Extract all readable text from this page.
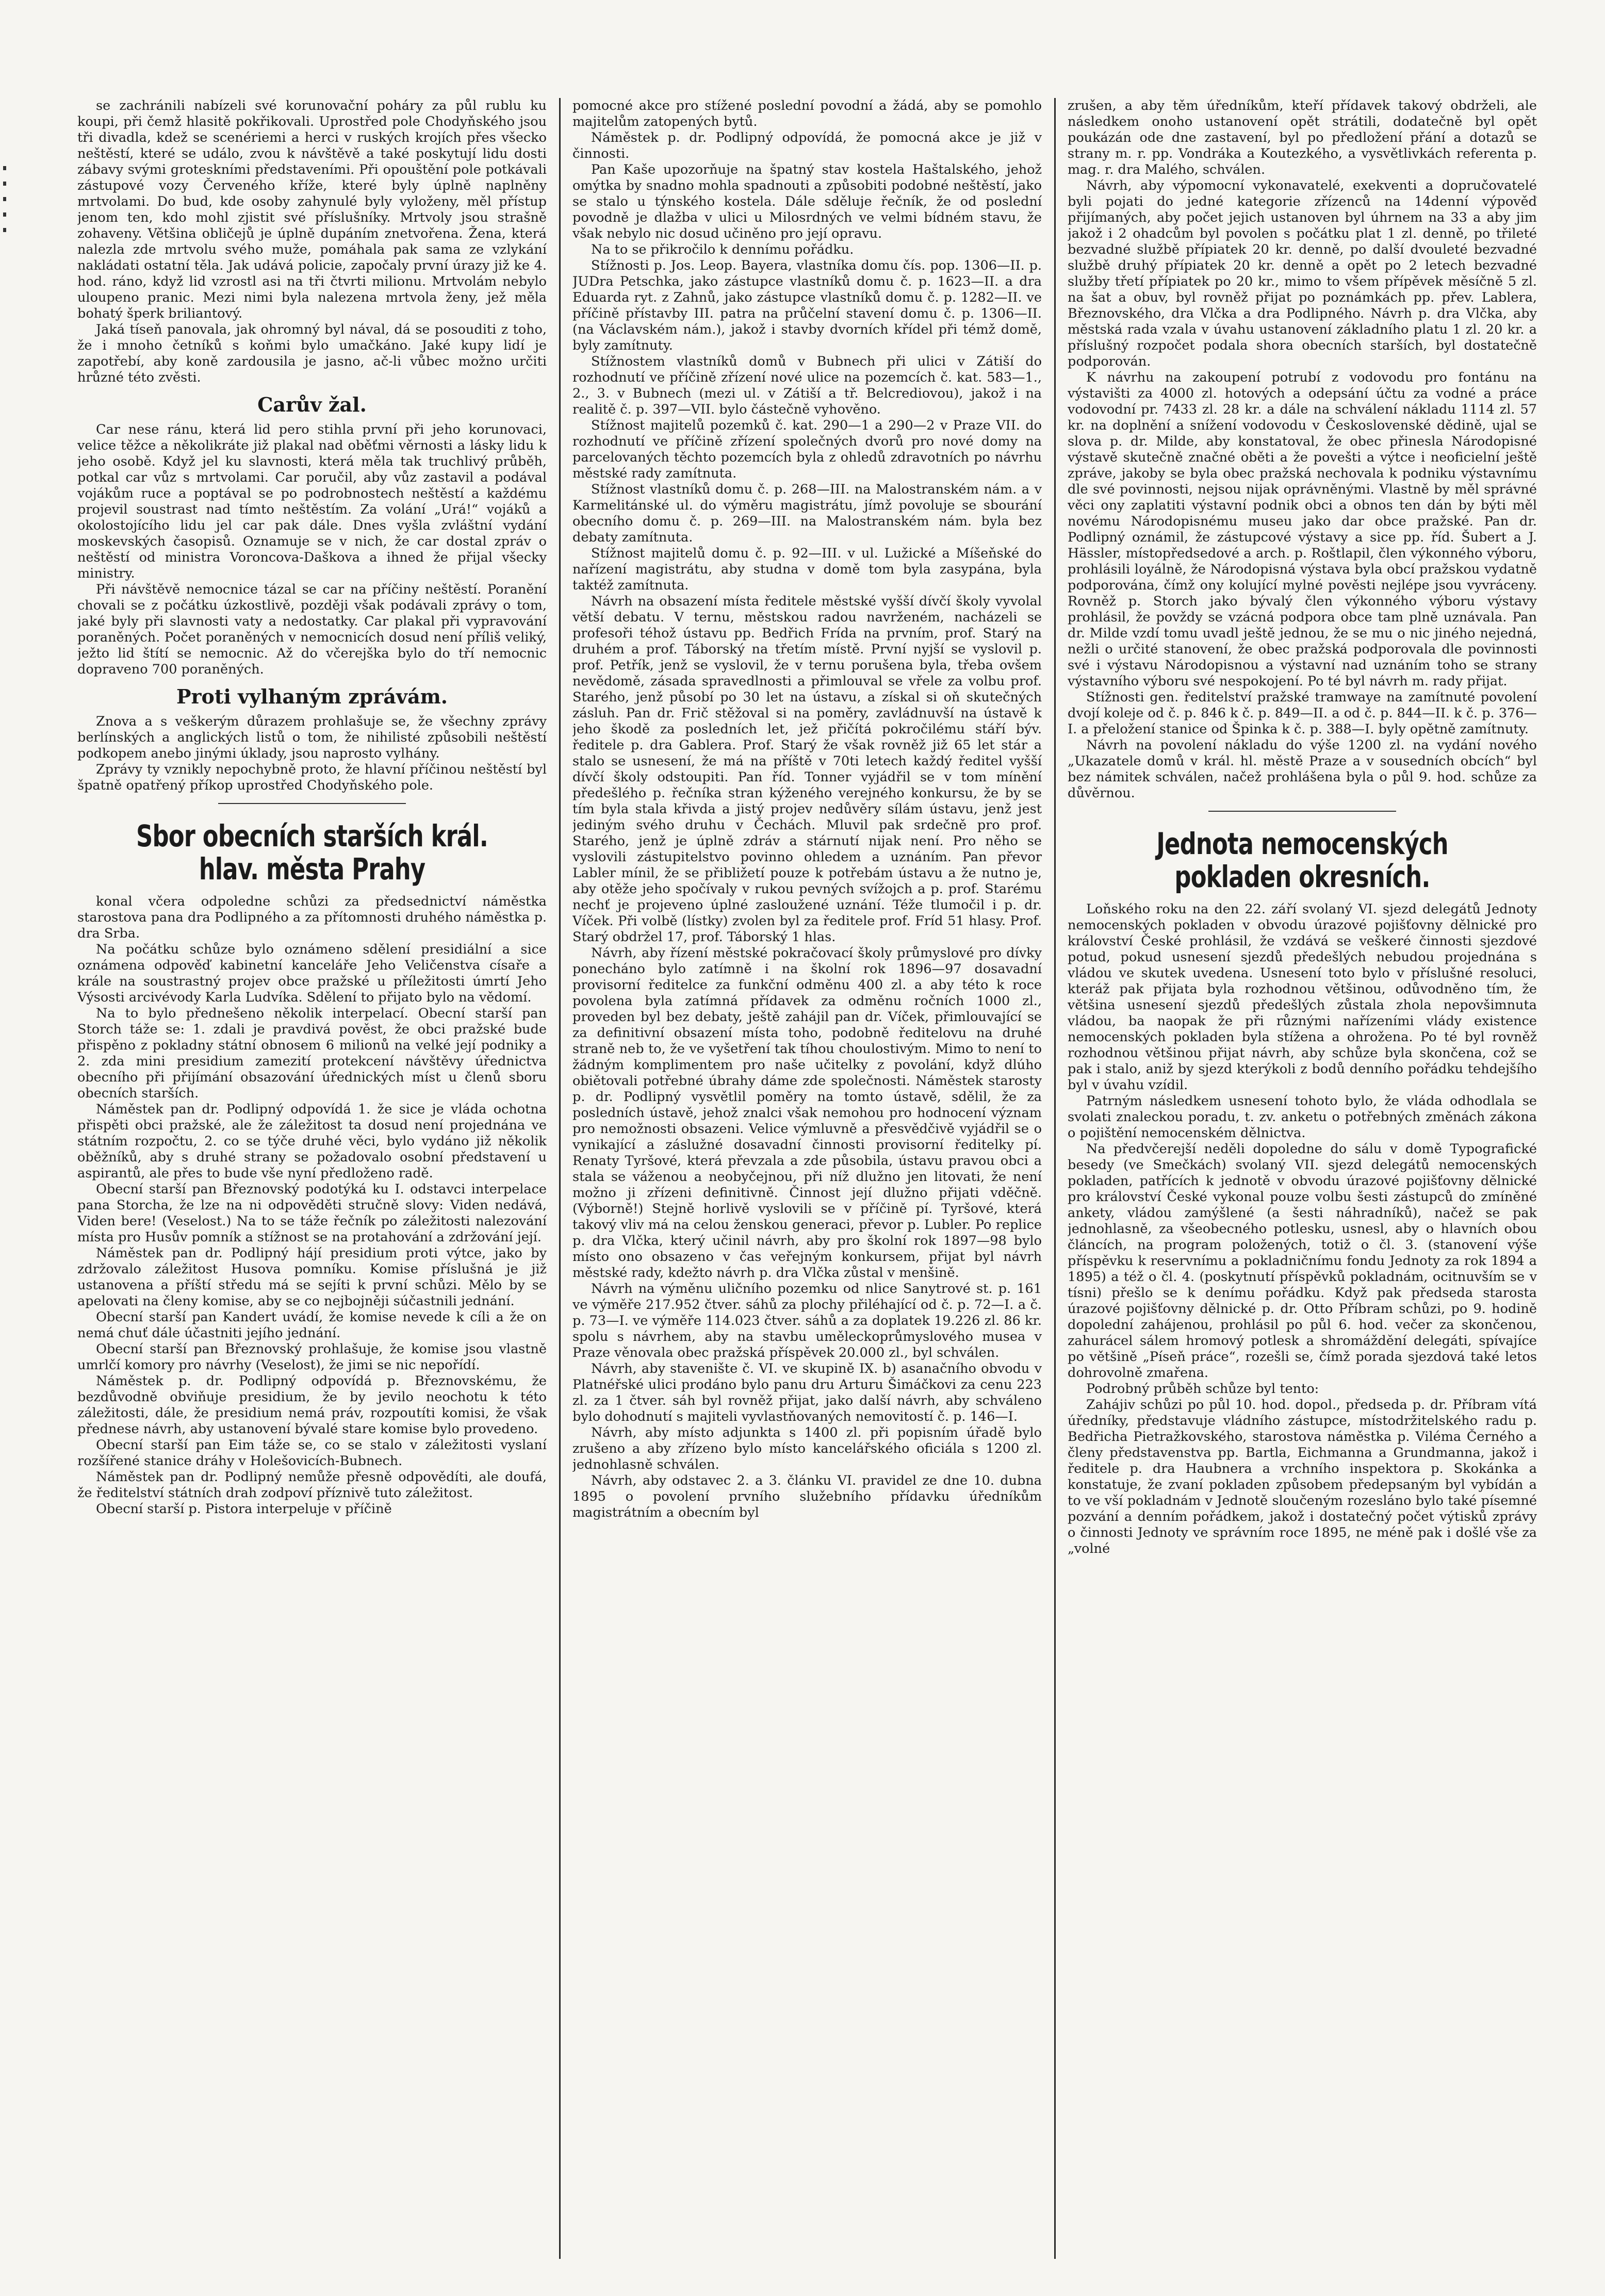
se zachránili nabízeli své korunovační poháry za půl rublu ku koupi, při čemž hlasitě pokřikovali. Uprostřed pole Chodyňského jsou tři divadla, kdež se scenériemi a herci v ruských krojích přes všecko neštěstí, které se událo, zvou k návštěvě a také poskytují lidu dosti zábavy svými groteskními představeními. Při opouštění pole potkávali zástupové vozy Červeného kříže, které byly úplně naplněny mrtvolami. Do bud, kde osoby zahynulé byly vyloženy, měl přístup jenom ten, kdo mohl zjistit své příslušníky. Mrtvoly jsou strašně zohaveny. Většina obličejů je úplně dupáním znetvořena. Žena, která nalezla zde mrtvolu svého muže, pomáhala pak sama ze vzlykání nakládati ostatní těla. Jak udává policie, započaly první úrazy již ke 4. hod. ráno, když lid vzrostl asi na tři čtvrti milionu. Mrtvolám nebylo uloupeno pranic. Mezi nimi byla nalezena mrtvola ženy, jež měla bohatý šperk briliantový.

Jaká tíseň panovala, jak ohromný byl nával, dá se posouditi z toho, že i mnoho četníků s koňmi bylo umačkáno. Jaké kupy lidí je zapotřebí, aby koně zardousila je jasno, ač-li vůbec možno určiti hrůzné této zvěsti.

Carův žal.

Car nese ránu, která lid pero stihla první při jeho korunovaci, velice těžce a několikráte již plakal nad oběťmi věrnosti a lásky lidu k jeho osobě. Když jel ku slavnosti, která měla tak truchlivý průběh, potkal car vůz s mrtvolami. Car poručil, aby vůz zastavil a podával vojákům ruce a poptával se po podrobnostech neštěstí a každému projevil soustrast nad tímto neštěstím. Za volání „Urá!“ vojáků a okolostojícího lidu jel car pak dále. Dnes vyšla zvláštní vydání moskevských časopisů. Oznamuje se v nich, že car dostal zpráv o neštěstí od ministra Voroncova-Daškova a ihned že přijal všecky ministry.

Při návštěvě nemocnice tázal se car na příčiny neštěstí. Poranění chovali se z počátku úzkostlivě, později však podávali zprávy o tom, jaké byly při slavnosti vaty a nedostatky. Car plakal při vypravování poraněných. Počet poraněných v nemocnicích dosud není příliš veliký, ježto lid štítí se nemocnic. Až do včerejška bylo do tří nemocnic dopraveno 700 poraněných.

Proti vylhaným zprávám.

Znova a s veškerým důrazem prohlašuje se, že všechny zprávy berlínských a anglických listů o tom, že nihilisté způsobili neštěstí podkopem anebo jinými úklady, jsou naprosto vylhány.

Zprávy ty vznikly nepochybně proto, že hlavní příčinou neštěstí byl špatně opatřený příkop uprostřed Chodyňského pole.

Sbor obecních starších král. hlav. města Prahy

konal včera odpoledne schůzi za předsednictví náměstka starostova pana dra Podlipného a za přítomnosti druhého náměstka p. dra Srba.

Na počátku schůze bylo oznámeno sdělení presidiální a sice oznámena odpověď kabinetní kanceláře Jeho Veličenstva císaře a krále na soustrastný projev obce pražské u příležitosti úmrtí Jeho Výsosti arcivévody Karla Ludvíka. Sdělení to přijato bylo na vědomí.

Na to bylo přednešeno několik interpelací. Obecní starší pan Storch táže se: 1. zdali je pravdivá pověst, že obci pražské bude přispěno z pokladny státní obnosem 6 milionů na velké její podniky a 2. zda mini presidium zamezití protekcení návštěvy úřednictva obecního při přijímání obsazování úřednických míst u členů sboru obecních starších.

Náměstek pan dr. Podlipný odpovídá 1. že sice je vláda ochotna přispěti obci pražské, ale že záležitost ta dosud není projednána ve státním rozpočtu, 2. co se týče druhé věci, bylo vydáno již několik oběžníků, aby s druhé strany se požadovalo osobní představení u aspirantů, ale přes to bude vše nyní předloženo radě.

Obecní starší pan Březnovský podotýká ku I. odstavci interpelace pana Storcha, že lze na ni odpověděti stručně slovy: Viden nedává, Viden bere! (Veselost.) Na to se táže řečník po záležitosti nalezování místa pro Husův pomník a stížnost se na protahování a zdržování její.

Náměstek pan dr. Podlipný hájí presidium proti výtce, jako by zdržovalo záležitost Husova pomníku. Komise příslušná je již ustanovena a příští středu má se sejíti k první schůzi. Mělo by se apelovati na členy komise, aby se co nejbojněji súčastnili jednání.

Obecní starší pan Kandert uvádí, že komise nevede k cíli a že on nemá chuť dále účastniti jejího jednání.

Obecní starší pan Březnovský prohlašuje, že komise jsou vlastně umrlčí komory pro návrhy (Veselost), že jimi se nic nepořídí.

Náměstek p. dr. Podlipný odpovídá p. Březnovskému, že bezdůvodně obviňuje presidium, že by jevilo neochotu k této záležitosti, dále, že presidium nemá práv, rozpoutíti komisi, že však přednese návrh, aby ustanovení bývalé stare komise bylo provedeno.

Obecní starší pan Eim táže se, co se stalo v záležitosti vyslaní rozšířené stanice dráhy v Holešovicích-Bubnech.

Náměstek pan dr. Podlipný nemůže přesně odpovědíti, ale doufá, že ředitelství státních drah zodpoví příznivě tuto záležitost.

Obecní starší p. Pistora interpeluje v příčině

pomocné akce pro stížené poslední povodní a žádá, aby se pomohlo majitelům zatopených bytů.

Náměstek p. dr. Podlipný odpovídá, že pomocná akce je již v činnosti.

Pan Kaše upozorňuje na špatný stav kostela Haštalského, jehož omýtka by snadno mohla spadnouti a způsobiti podobné neštěstí, jako se stalo u týnského kostela. Dále sděluje řečník, že od poslední povodně je dlažba v ulici u Milosrdných ve velmi bídném stavu, že však nebylo nic dosud učiněno pro její opravu.

Na to se přikročilo k dennímu pořádku.

Stížnosti p. Jos. Leop. Bayera, vlastníka domu čís. pop. 1306—II. p. JUDra Petschka, jako zástupce vlastníků domu č. p. 1623—II. a dra Eduarda ryt. z Zahnů, jako zástupce vlastníků domu č. p. 1282—II. ve příčině přístavby III. patra na průčelní stavení domu č. p. 1306—II. (na Václavském nám.), jakož i stavby dvorních křídel při témž domě, byly zamítnuty.

Stížnostem vlastníků domů v Bubnech při ulici v Zátiší do rozhodnutí ve příčině zřízení nové ulice na pozemcích č. kat. 583—1., 2., 3. v Bubnech (mezi ul. v Zátiší a tř. Belcrediovou), jakož i na realitě č. p. 397—VII. bylo částečně vyhověno.

Stížnost majitelů pozemků č. kat. 290—1 a 290—2 v Praze VII. do rozhodnutí ve příčině zřízení společných dvorů pro nové domy na parcelovaných těchto pozemcích byla z ohledů zdravotních po návrhu městské rady zamítnuta.

Stížnost vlastníků domu č. p. 268—III. na Malostranském nám. a v Karmelitánské ul. do výměru magistrátu, jímž povoluje se sbourání obecního domu č. p. 269—III. na Malostranském nám. byla bez debaty zamítnuta.

Stížnost majitelů domu č. p. 92—III. v ul. Lužické a Míšeňské do nařízení magistrátu, aby studna v domě tom byla zasypána, byla taktéž zamítnuta.

Návrh na obsazení místa ředitele městské vyšší dívčí školy vyvolal větší debatu. V ternu, městskou radou navrženém, nacházeli se profesoři téhož ústavu pp. Bedřich Frída na prvním, prof. Starý na druhém a prof. Táborský na třetím místě. První nyjší se vyslovil p. prof. Petřík, jenž se vyslovil, že v ternu porušena byla, třeba ovšem nevědomě, zásada spravedlnosti a přimlouval se vřele za volbu prof. Starého, jenž působí po 30 let na ústavu, a získal si oň skutečných zásluh. Pan dr. Frič stěžoval si na poměry, zavládnuvší na ústavě k jeho škodě za posledních let, jež přičítá pokročilému stáří býv. ředitele p. dra Gablera. Prof. Starý že však rovněž již 65 let stár a stalo se usnesení, že má na příště v 70ti letech každý ředitel vyšší dívčí školy odstoupiti. Pan říd. Tonner vyjádřil se v tom mínění předešlého p. řečníka stran kýženého verejného konkursu, že by se tím byla stala křivda a jistý projev nedůvěry sílám ústavu, jenž jest jediným svého druhu v Čechách. Mluvil pak srdečně pro prof. Starého, jenž je úplně zdráv a stárnutí nijak není. Pro něho se vyslovili zástupitelstvo povinno ohledem a uznáním. Pan převor Labler mínil, že se přibližetí pouze k potřebám ústavu a že nutno je, aby otěže jeho spočívaly v rukou pevných svížojch a p. prof. Starému nechť je projeveno úplné zasloužené uznání. Téže tlumočil i p. dr. Víček. Při volbě (lístky) zvolen byl za ředitele prof. Fríd 51 hlasy. Prof. Starý obdržel 17, prof. Táborský 1 hlas.

Návrh, aby řízení městské pokračovací školy průmyslové pro dívky ponecháno bylo zatímně i na školní rok 1896—97 dosavadní provisorní ředitelce za funkční odměnu 400 zl. a aby této k roce povolena byla zatímná přídavek za odměnu ročních 1000 zl., proveden byl bez debaty, ještě zahájil pan dr. Víček, přimlouvající se za definitivní obsazení místa toho, podobně ředitelovu na druhé straně neb to, že ve vyšetření tak tíhou choulostivým. Mimo to není to žádným komplimentem pro naše učitelky z povolání, když dlúho obiětovali potřebné úbrahy dáme zde společnosti. Náměstek starosty p. dr. Podlipný vysvětlil poměry na tomto ústavě, sdělil, že za posledních ústavě, jehož znalci však nemohou pro hodnocení význam pro nemožnosti obsazeni. Velice výmluvně a přesvědčivě vyjádřil se o vynikající a záslužné dosavadní činnosti provisorní ředitelky pí. Renaty Tyršové, která převzala a zde působila, ústavu pravou obci a stala se váženou a neobyčejnou, při níž dlužno jen litovati, že není možno ji zřízeni definitivně. Činnost její dlužno přijati vděčně. (Výborně!) Stejně horlivě vyslovili se v příčině pí. Tyršové, která takový vliv má na celou ženskou generaci, převor p. Lubler. Po replice p. dra Vlčka, který učinil návrh, aby pro školní rok 1897—98 bylo místo ono obsazeno v čas veřejným konkursem, přijat byl návrh městské rady, kdežto návrh p. dra Vlčka zůstal v menšině.

Návrh na výměnu uličního pozemku od nlice Sanytrové st. p. 161 ve výměře 217.952 čtver. sáhů za plochy přiléhající od č. p. 72—I. a č. p. 73—I. ve výměře 114.023 čtver. sáhů a za doplatek 19.226 zl. 86 kr. spolu s návrhem, aby na stavbu uměleckoprůmyslového musea v Praze věnovala obec pražská příspěvek 20.000 zl., byl schválen.

Návrh, aby stavenište č. VI. ve skupině IX. b) asanačního obvodu v Platnéřské ulici prodáno bylo panu dru Arturu Šimáčkovi za cenu 223 zl. za 1 čtver. sáh byl rovněž přijat, jako další návrh, aby schváleno bylo dohodnutí s majiteli vyvlastňovaných nemovitostí č. p. 146—I.

Návrh, aby místo adjunkta s 1400 zl. při popisním úřadě bylo zrušeno a aby zřízeno bylo místo kancelářského oficiála s 1200 zl. jednohlasně schválen.

Návrh, aby odstavec 2. a 3. článku VI. pravidel ze dne 10. dubna 1895 o povolení prvního služebního přídavku úředníkům magistrátním a obecním byl

zrušen, a aby těm úředníkům, kteří přídavek takový obdrželi, ale následkem onoho ustanovení opět strátili, dodatečně byl opět poukázán ode dne zastavení, byl po předložení přání a dotazů se strany m. r. pp. Vondráka a Koutezkého, a vysvětlivkách referenta p. mag. r. dra Malého, schválen.

Návrh, aby výpomocní vykonavatelé, exekventi a dopručovatelé byli pojati do jedné kategorie zřízenců na 14denní výpověď přijímaných, aby počet jejich ustanoven byl úhrnem na 33 a aby jim jakož i 2 ohadcům byl povolen s počátku plat 1 zl. denně, po třileté bezvadné službě přípiatek 20 kr. denně, po další dvouleté bezvadné službě druhý přípiatek 20 kr. denně a opět po 2 letech bezvadné služby třetí přípiatek po 20 kr., mimo to všem přípěvek měsíčně 5 zl. na šat a obuv, byl rovněž přijat po poznámkách pp. přev. Lablera, Březnovského, dra Vlčka a dra Podlipného. Návrh p. dra Vlčka, aby městská rada vzala v úvahu ustanovení základního platu 1 zl. 20 kr. a příslušný rozpočet podala shora obecních starších, byl dostatečně podporován.

K návrhu na zakoupení potrubí z vodovodu pro fontánu na výstavišti za 4000 zl. hotových a odepsání účtu za vodné a práce vodovodní pr. 7433 zl. 28 kr. a dále na schválení nákladu 1114 zl. 57 kr. na doplnění a snížení vodovodu v Československé dědině, ujal se slova p. dr. Milde, aby konstatoval, že obec přinesla Národopisné výstavě skutečně značné oběti a že povešti a výtce i neoficielní ještě zpráve, jakoby se byla obec pražská nechovala k podniku výstavnímu dle své povinnosti, nejsou nijak oprávněnými. Vlastně by měl správné věci ony zaplatiti výstavní podnik obci a obnos ten dán by býti měl novému Národopisnému museu jako dar obce pražské. Pan dr. Podlipný oznámil, že zástupcové výstavy a sice pp. říd. Šubert a J. Hässler, místopředsedové a arch. p. Roštlapil, člen výkonného výboru, prohlásili loyálně, že Národopisná výstava byla obcí pražskou vydatně podporována, čímž ony kolující mylné pověsti nejlépe jsou vyvráceny. Rovněž p. Storch jako bývalý člen výkonného výboru výstavy prohlásil, že povždy se vzácná podpora obce tam plně uznávala. Pan dr. Milde vzdí tomu uvadl ještě jednou, že se mu o nic jiného nejedná, nežli o určité stanovení, že obec pražská podporovala dle povinnosti své i výstavu Národopisnou a výstavní nad uznáním toho se strany výstavního výboru své nespokojení. Po té byl návrh m. rady přijat.

Stížnosti gen. ředitelství pražské tramwaye na zamítnuté povolení dvojí koleje od č. p. 846 k č. p. 849—II. a od č. p. 844—II. k č. p. 376—I. a přeložení stanice od Špinka k č. p. 388—I. byly opětně zamítnuty.

Návrh na povolení nákladu do výše 1200 zl. na vydání nového „Ukazatele domů v král. hl. městě Praze a v sousedních obcích“ byl bez námitek schválen, načež prohlášena byla o půl 9. hod. schůze za důvěrnou.

Jednota nemocenských pokladen okresních.

Loňského roku na den 22. září svolaný VI. sjezd delegátů Jednoty nemocenských pokladen v obvodu úrazové pojišťovny dělnické pro království České prohlásil, že vzdává se veškeré činnosti sjezdové potud, pokud usnesení sjezdů předešlých nebudou projednána s vládou ve skutek uvedena. Usnesení toto bylo v příslušné resoluci, kteráž pak přijata byla rozhodnou většinou, odůvodněno tím, že většina usnesení sjezdů předešlých zůstala zhola nepovšimnuta vládou, ba naopak že při různými nařízeními vlády existence nemocenských pokladen byla stížena a ohrožena. Po té byl rovněž rozhodnou většinou přijat návrh, aby schůze byla skončena, což se pak i stalo, aniž by sjezd kterýkoli z bodů denního pořádku tehdejšího byl v úvahu vzídil.

Patrným následkem usnesení tohoto bylo, že vláda odhodlala se svolati znaleckou poradu, t. zv. anketu o potřebných změnách zákona o pojištění nemocenském dělnictva.

Na předvčerejší neděli dopoledne do sálu v domě Typografické besedy (ve Smečkách) svolaný VII. sjezd delegátů nemocenských pokladen, patřících k jednotě v obvodu úrazové pojišťovny dělnické pro království České vykonal pouze volbu šesti zástupců do zmíněné ankety, vládou zamýšlené (a šesti náhradníků), načež se pak jednohlasně, za všeobecného potlesku, usnesl, aby o hlavních obou článcích, na program položených, totiž o čl. 3. (stanovení výše příspěvku k reservnímu a pokladničnímu fondu Jednoty za rok 1894 a 1895) a též o čl. 4. (poskytnutí příspěvků pokladnám, ocitnuvším se v tísni) přešlo se k denímu pořádku. Když pak předseda starosta úrazové pojišťovny dělnické p. dr. Otto Příbram schůzi, po 9. hodině dopolední zahájenou, prohlásil po půl 6. hod. večer za skončenou, zahurácel sálem hromový potlesk a shromáždění delegáti, spívajíce po většině „Píseň práce“, rozešli se, čímž porada sjezdová také letos dohrovolně zmařena.

Podrobný průběh schůze byl tento:

Zahájiv schůzi po půl 10. hod. dopol., předseda p. dr. Příbram vítá úředníky, představuje vládního zástupce, místodržitelského radu p. Bedřicha Pietražkovského, starostova náměstka p. Viléma Černého a členy představenstva pp. Bartla, Eichmanna a Grundmanna, jakož i ředitele p. dra Haubnera a vrchního inspektora p. Skokánka a konstatuje, že zvaní pokladen způsobem předepsaným byl vybídán a to ve vší pokladnám v Jednotě sloučeným rozesláno bylo také písemné pozvání a denním pořádkem, jakož i dostatečný počet výtisků zprávy o činnosti Jednoty ve správním roce 1895, ne méně pak i došlé vše za „volné
